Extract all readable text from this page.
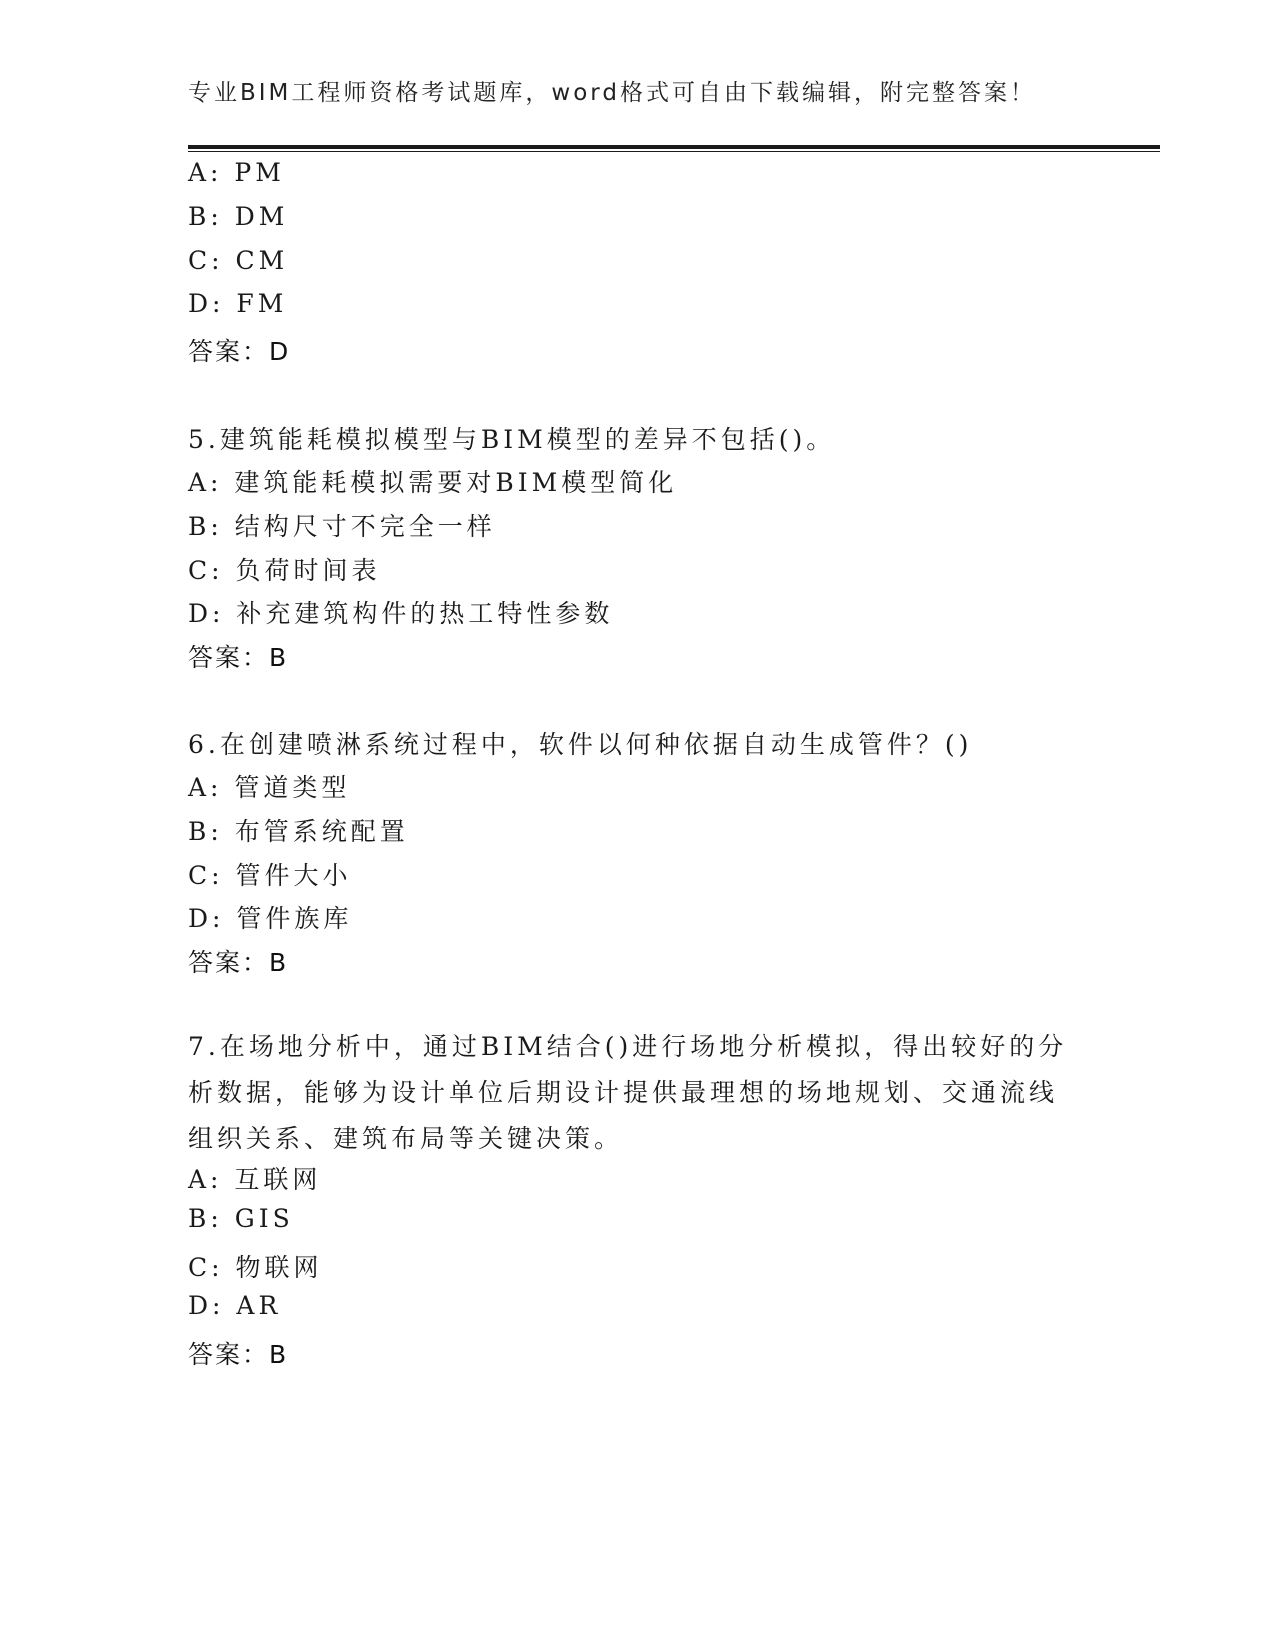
专业BIM工程师资格考试题库，word格式可自由下载编辑，附完整答案！
A: PM
B: DM
C: CM
D: FM
答案：D
5.建筑能耗模拟模型与BIM模型的差异不包括()。
A: 建筑能耗模拟需要对BIM模型简化
B: 结构尺寸不完全一样
C: 负荷时间表
D: 补充建筑构件的热工特性参数
答案：B
6.在创建喷淋系统过程中，软件以何种依据自动生成管件？()
A: 管道类型
B: 布管系统配置
C: 管件大小
D: 管件族库
答案：B
7.在场地分析中，通过BIM结合()进行场地分析模拟，得出较好的分析数据，能够为设计单位后期设计提供最理想的场地规划、交通流线组织关系、建筑布局等关键决策。
A: 互联网
B: GIS
C: 物联网
D: AR
答案：B
